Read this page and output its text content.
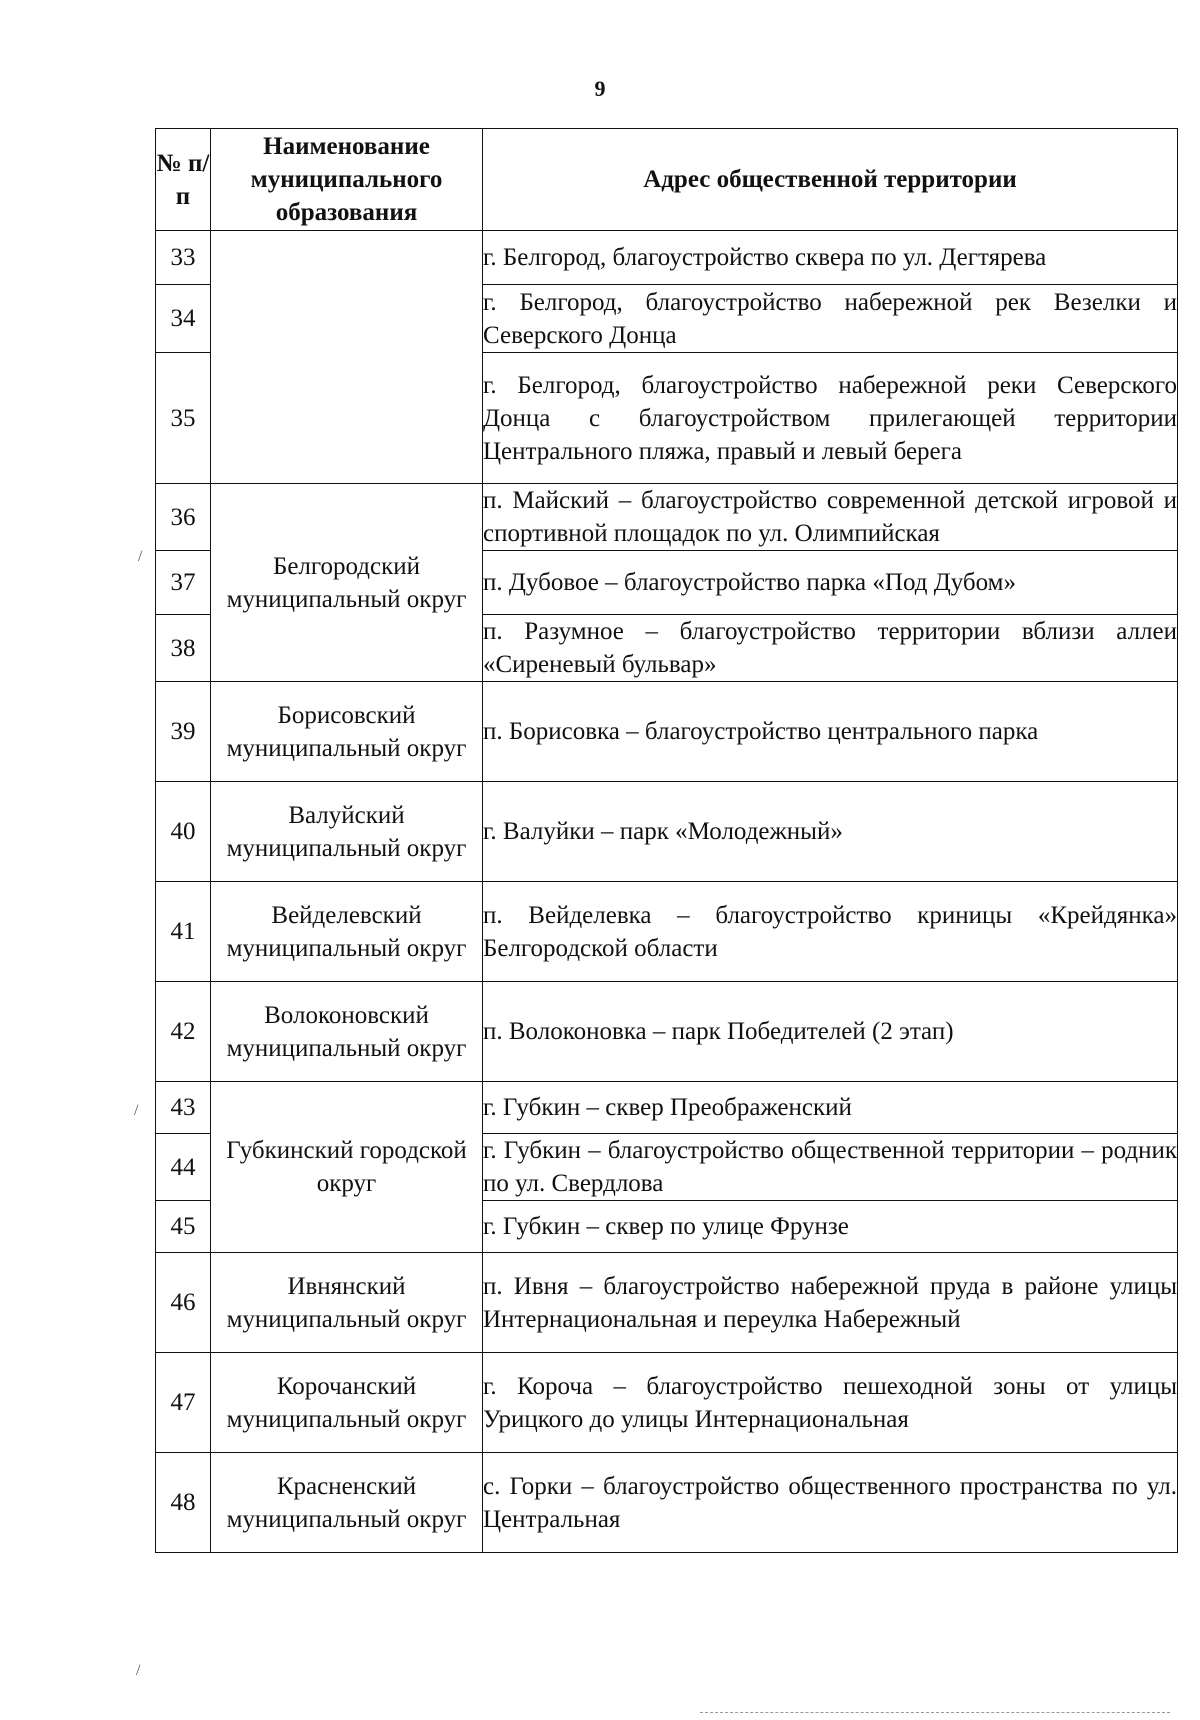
9
№ п/ п	Наименование муниципального образования	Адрес общественной территории
33		г. Белгород, благоустройство сквера по ул. Дегтярева
34		г. Белгород, благоустройство набережной рек Везелки и Северского Донца
35		г. Белгород, благоустройство набережной реки Северского Донца с благоустройством прилегающей территории Центрального пляжа, правый и левый берега
36	Белгородский муниципальный округ	п. Майский – благоустройство современной детской игровой и спортивной площадок по ул. Олимпийская
37		п. Дубовое – благоустройство парка «Под Дубом»
38		п. Разумное – благоустройство территории вблизи аллеи «Сиреневый бульвар»
39	Борисовский муниципальный округ	п. Борисовка – благоустройство центрального парка
40	Валуйский муниципальный округ	г. Валуйки – парк «Молодежный»
41	Вейделевский муниципальный округ	п. Вейделевка – благоустройство криницы «Крейдянка» Белгородской области
42	Волоконовский муниципальный округ	п. Волоконовка – парк Победителей (2 этап)
43	Губкинский городской округ	г. Губкин – сквер Преображенский
44		г. Губкин – благоустройство общественной территории – родник по ул. Свердлова
45		г. Губкин – сквер по улице Фрунзе
46	Ивнянский муниципальный округ	п. Ивня – благоустройство набережной пруда в районе улицы Интернациональная и переулка Набережный
47	Корочанский муниципальный округ	г. Короча – благоустройство пешеходной зоны от улицы Урицкого до улицы Интернациональная
48	Красненский муниципальный округ	с. Горки – благоустройство общественного пространства по ул. Центральная
/
/
/
